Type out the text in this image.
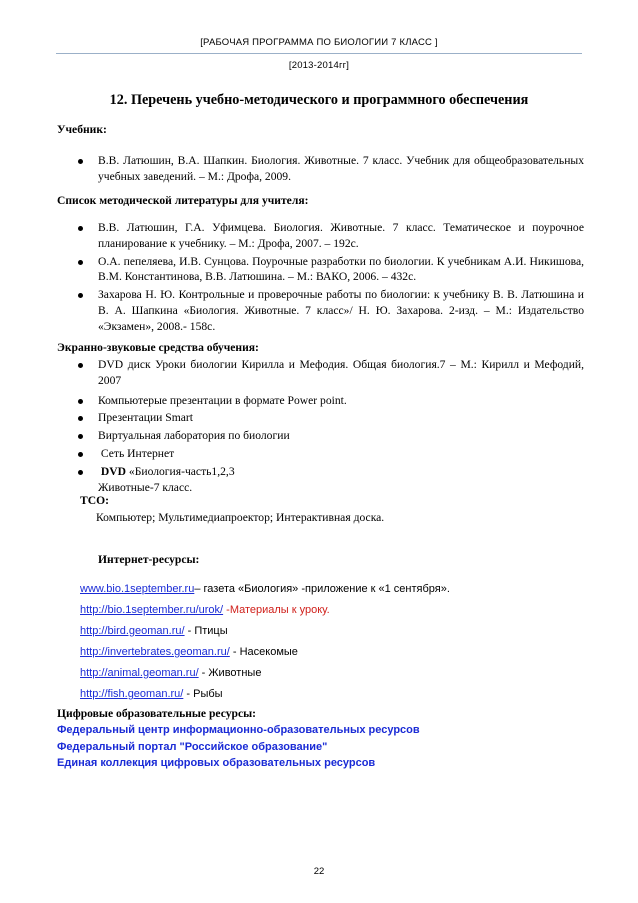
[РАБОЧАЯ ПРОГРАММА ПО БИОЛОГИИ 7 КЛАСС ]
[2013-2014гг]
12. Перечень учебно-методического и программного обеспечения
Учебник:
В.В. Латюшин, В.А. Шапкин. Биология. Животные. 7 класс. Учебник для общеобразовательных учебных заведений. – М.: Дрофа, 2009.
Список методической литературы для учителя:
В.В. Латюшин, Г.А. Уфимцева. Биология. Животные. 7 класс. Тематическое и поурочное планирование к учебнику. – М.: Дрофа, 2007. – 192с.
О.А. пепеляева, И.В. Сунцова. Поурочные разработки по биологии. К учебникам А.И. Никишова, В.М. Константинова, В.В. Латюшина. – М.: ВАКО, 2006. – 432с.
Захарова Н. Ю. Контрольные и проверочные работы по биологии: к учебнику В. В. Латюшина и В. А. Шапкина «Биология. Животные. 7 класс»/ Н. Ю. Захарова. 2-изд. – М.: Издательство «Экзамен», 2008.- 158с.
Экранно-звуковые средства обучения:
DVD диск Уроки биологии Кирилла и Мефодия. Общая биология.7 – М.: Кирилл и Мефодий, 2007
Компьютерые презентации в формате Power point.
Презентации Smart
Виртуальная лаборатория по биологии
Сеть Интернет
DVD «Биология-часть1,2,3
Животные-7 класс.
ТСО:
Компьютер; Мультимедиапроектор; Интерактивная доска.
Интернет-ресурсы:
www.bio.1september.ru– газета «Биология» -приложение к «1 сентября».
http://bio.1september.ru/urok/ -Материалы к уроку.
http://bird.geoman.ru/ - Птицы
http://invertebrates.geoman.ru/ - Насекомые
http://animal.geoman.ru/ - Животные
http://fish.geoman.ru/ - Рыбы
Цифровые образовательные ресурсы:
Федеральный центр информационно-образовательных ресурсов
Федеральный портал "Российское образование"
Единая коллекция цифровых образовательных ресурсов
22
